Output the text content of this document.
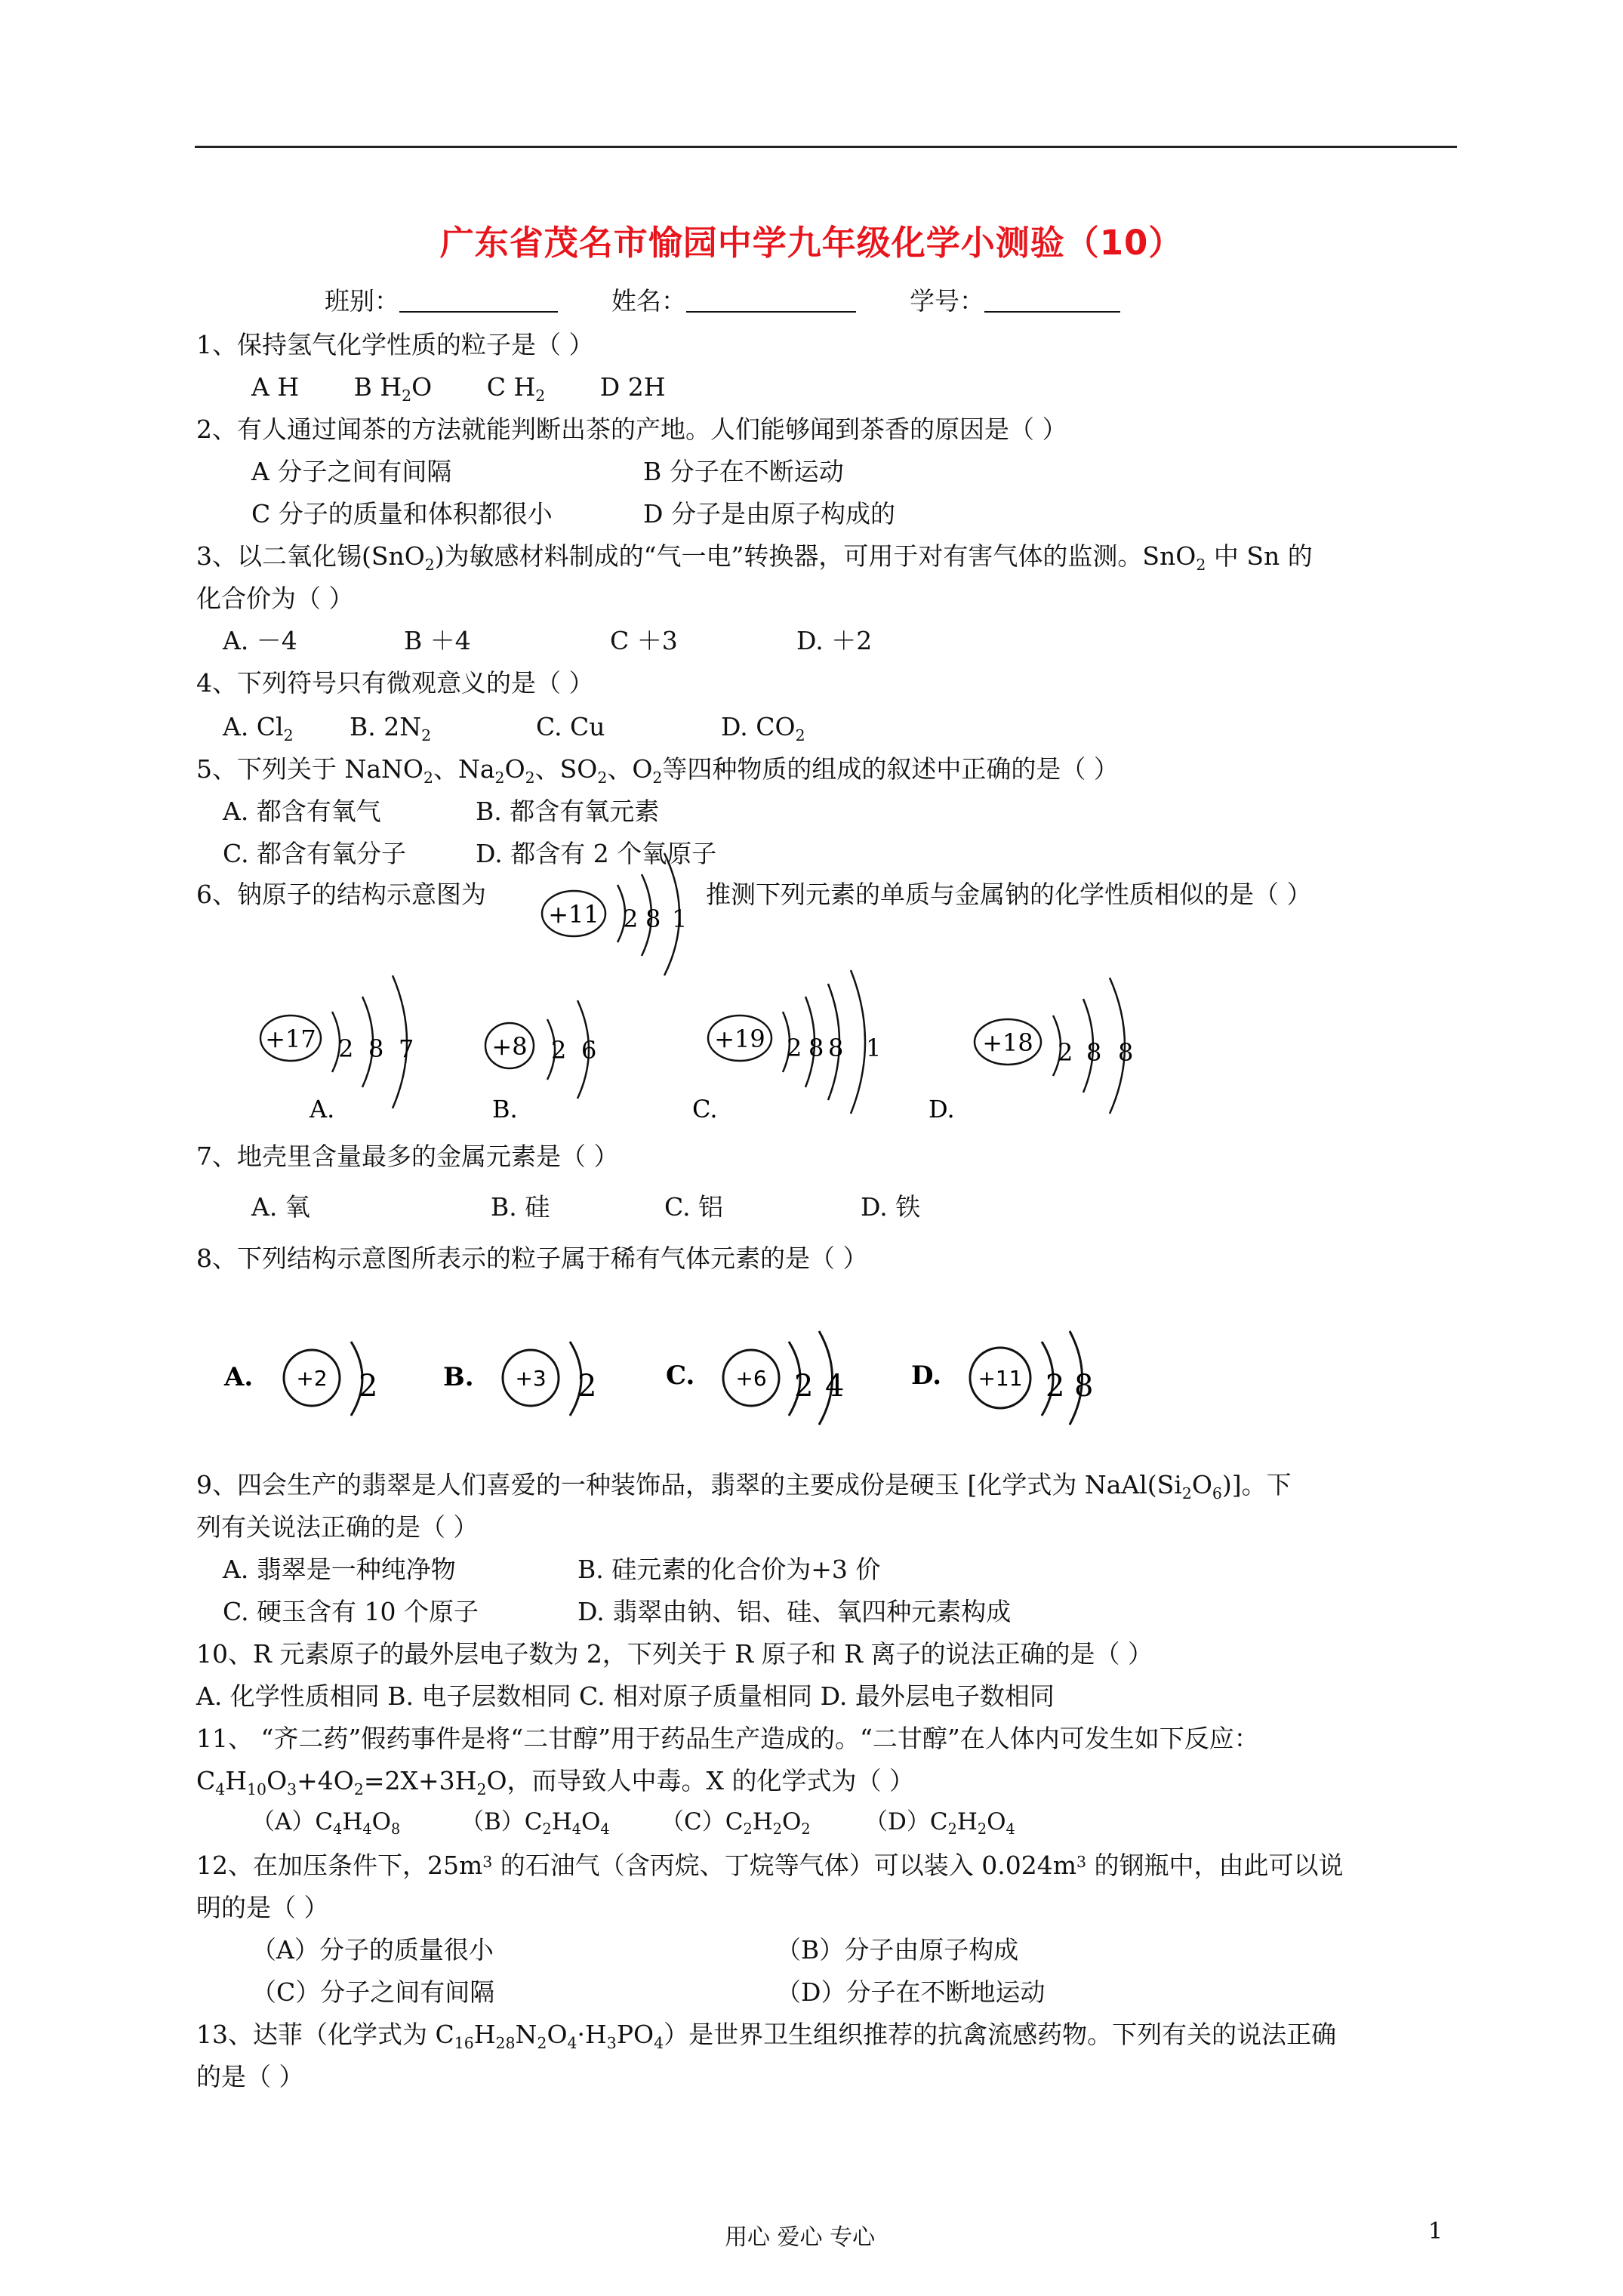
广东省茂名市愉园中学九年级化学小测验（10）
班别：	姓名：	学号：
1、保持氢气化学性质的粒子是（ ）
A H B H2O C H2 D 2H
2、有人通过闻茶的方法就能判断出茶的产地。人们能够闻到茶香的原因是（ ）
A 分子之间有间隔	B 分子在不断运动
C 分子的质量和体积都很小	D 分子是由原子构成的
3、以二氧化锡(SnO2)为敏感材料制成的“气一电”转换器，可用于对有害气体的监测。SnO2 中 Sn 的
化合价为（ ）
A. －4	B ＋4	C ＋3	D. ＋2
4、下列符号只有微观意义的是（ ）
A. Cl2 B. 2N2	C. Cu	D. CO2
5、下列关于 NaNO2、Na2O2、SO2、O2等四种物质的组成的叙述中正确的是（ ）
A. 都含有氧气	B. 都含有氧元素
C. 都含有氧分子	D. 都含有 2 个氧原子
6、钠原子的结构示意图为	推测下列元素的单质与金属钠的化学性质相似的是（ ）
+11 2 8 1
+17 2 8 7
A.
+8 2 6
B.
+19 2 8 8 1
C.
+18 2 8 8
D.
7、地壳里含量最多的金属元素是（ ）
A. 氧	B. 硅	C. 铝	D. 铁
8、下列结构示意图所表示的粒子属于稀有气体元素的是（ ）
A. +2 2	B. +3 2	C. +6 2 4	D. +11 2 8
9、四会生产的翡翠是人们喜爱的一种装饰品，翡翠的主要成份是硬玉 [化学式为 NaAl(Si2O6)]。下
列有关说法正确的是（ ）
A. 翡翠是一种纯净物	B. 硅元素的化合价为+3 价
C. 硬玉含有 10 个原子	D. 翡翠由钠、铝、硅、氧四种元素构成
10、R 元素原子的最外层电子数为 2，下列关于 R 原子和 R 离子的说法正确的是（ ）
A. 化学性质相同 B. 电子层数相同 C. 相对原子质量相同 D. 最外层电子数相同
11、 “齐二药”假药事件是将“二甘醇”用于药品生产造成的。“二甘醇”在人体内可发生如下反应：
C4H10O3+4O2=2X+3H2O，而导致人中毒。X 的化学式为（ ）
（A）C4H4O8	（B）C2H4O4 （C）C2H2O2 （D）C2H2O4
12、在加压条件下，$25m^3$ 的石油气（含丙烷、丁烷等气体）可以装入 $0.024m^3$ 的钢瓶中，由此可以说
明的是（ ）
（A）分子的质量很小	（B）分子由原子构成
（C）分子之间有间隔	（D）分子在不断地运动
13、达菲（化学式为 C16H28N2O4·H3PO4）是世界卫生组织推荐的抗禽流感药物。下列有关的说法正确
的是（ ）
用心 爱心 专心	1
